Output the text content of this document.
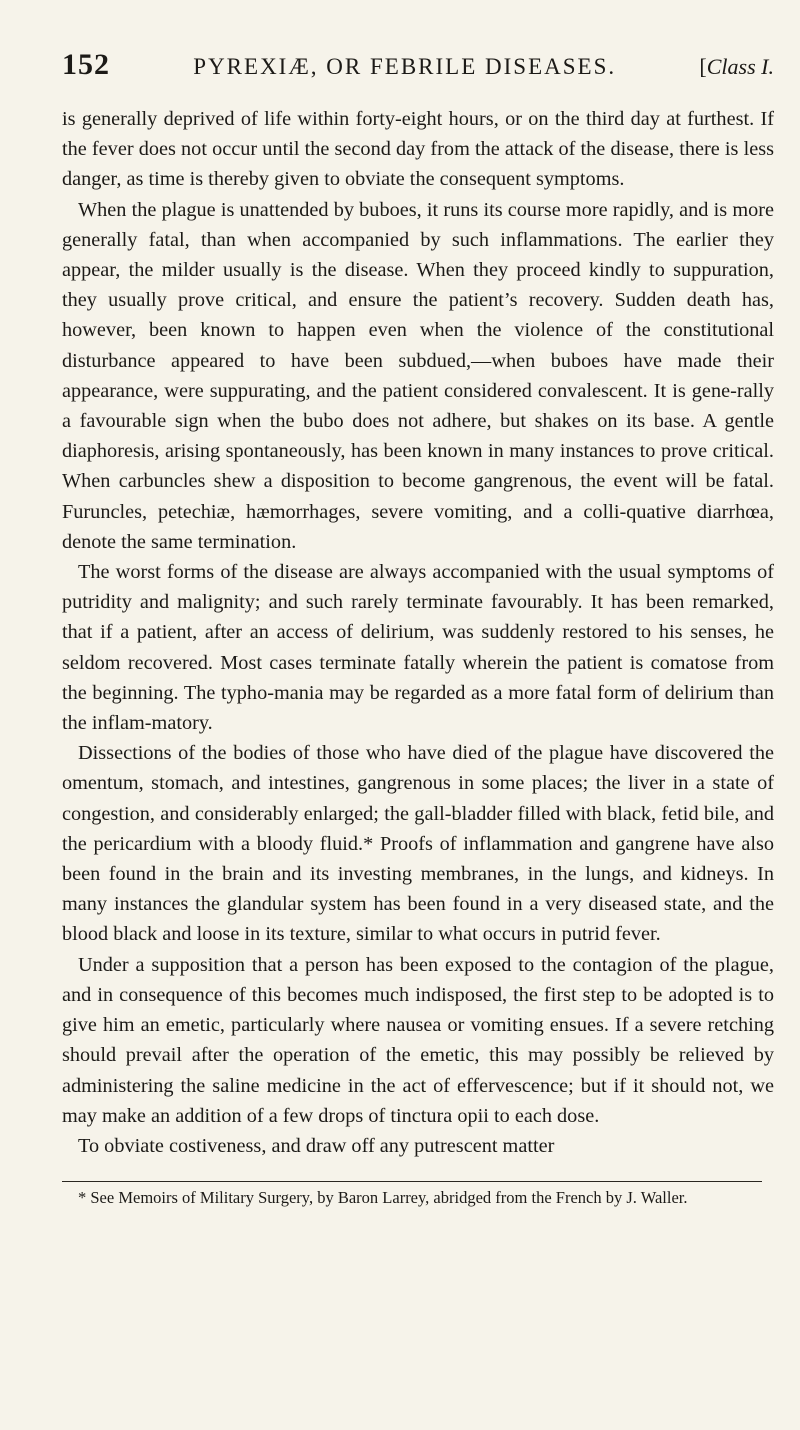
152	PYREXIÆ, OR FEBRILE DISEASES.	[Class I.

is generally deprived of life within forty-eight hours, or on the third day at furthest. If the fever does not occur until the second day from the attack of the disease, there is less danger, as time is thereby given to obviate the consequent symptoms.

When the plague is unattended by buboes, it runs its course more rapidly, and is more generally fatal, than when accompanied by such inflammations. The earlier they appear, the milder usually is the disease. When they proceed kindly to suppuration, they usually prove critical, and ensure the patient’s recovery. Sudden death has, however, been known to happen even when the violence of the constitutional disturbance appeared to have been subdued,—when buboes have made their appearance, were suppurating, and the patient considered convalescent. It is gene-rally a favourable sign when the bubo does not adhere, but shakes on its base. A gentle diaphoresis, arising spontaneously, has been known in many instances to prove critical. When carbuncles shew a disposition to become gangrenous, the event will be fatal. Furuncles, petechiæ, hæmorrhages, severe vomiting, and a colli-quative diarrhœa, denote the same termination.

The worst forms of the disease are always accompanied with the usual symptoms of putridity and malignity; and such rarely terminate favourably. It has been remarked, that if a patient, after an access of delirium, was suddenly restored to his senses, he seldom recovered. Most cases terminate fatally wherein the patient is comatose from the beginning. The typho-mania may be regarded as a more fatal form of delirium than the inflam-matory.

Dissections of the bodies of those who have died of the plague have discovered the omentum, stomach, and intestines, gangrenous in some places; the liver in a state of congestion, and considerably enlarged; the gall-bladder filled with black, fetid bile, and the pericardium with a bloody fluid.* Proofs of inflammation and gangrene have also been found in the brain and its investing membranes, in the lungs, and kidneys. In many instances the glandular system has been found in a very diseased state, and the blood black and loose in its texture, similar to what occurs in putrid fever.

Under a supposition that a person has been exposed to the contagion of the plague, and in consequence of this becomes much indisposed, the first step to be adopted is to give him an emetic, particularly where nausea or vomiting ensues. If a severe retching should prevail after the operation of the emetic, this may possibly be relieved by administering the saline medicine in the act of effervescence; but if it should not, we may make an addition of a few drops of tinctura opii to each dose.

To obviate costiveness, and draw off any putrescent matter

* See Memoirs of Military Surgery, by Baron Larrey, abridged from the French by J. Waller.
